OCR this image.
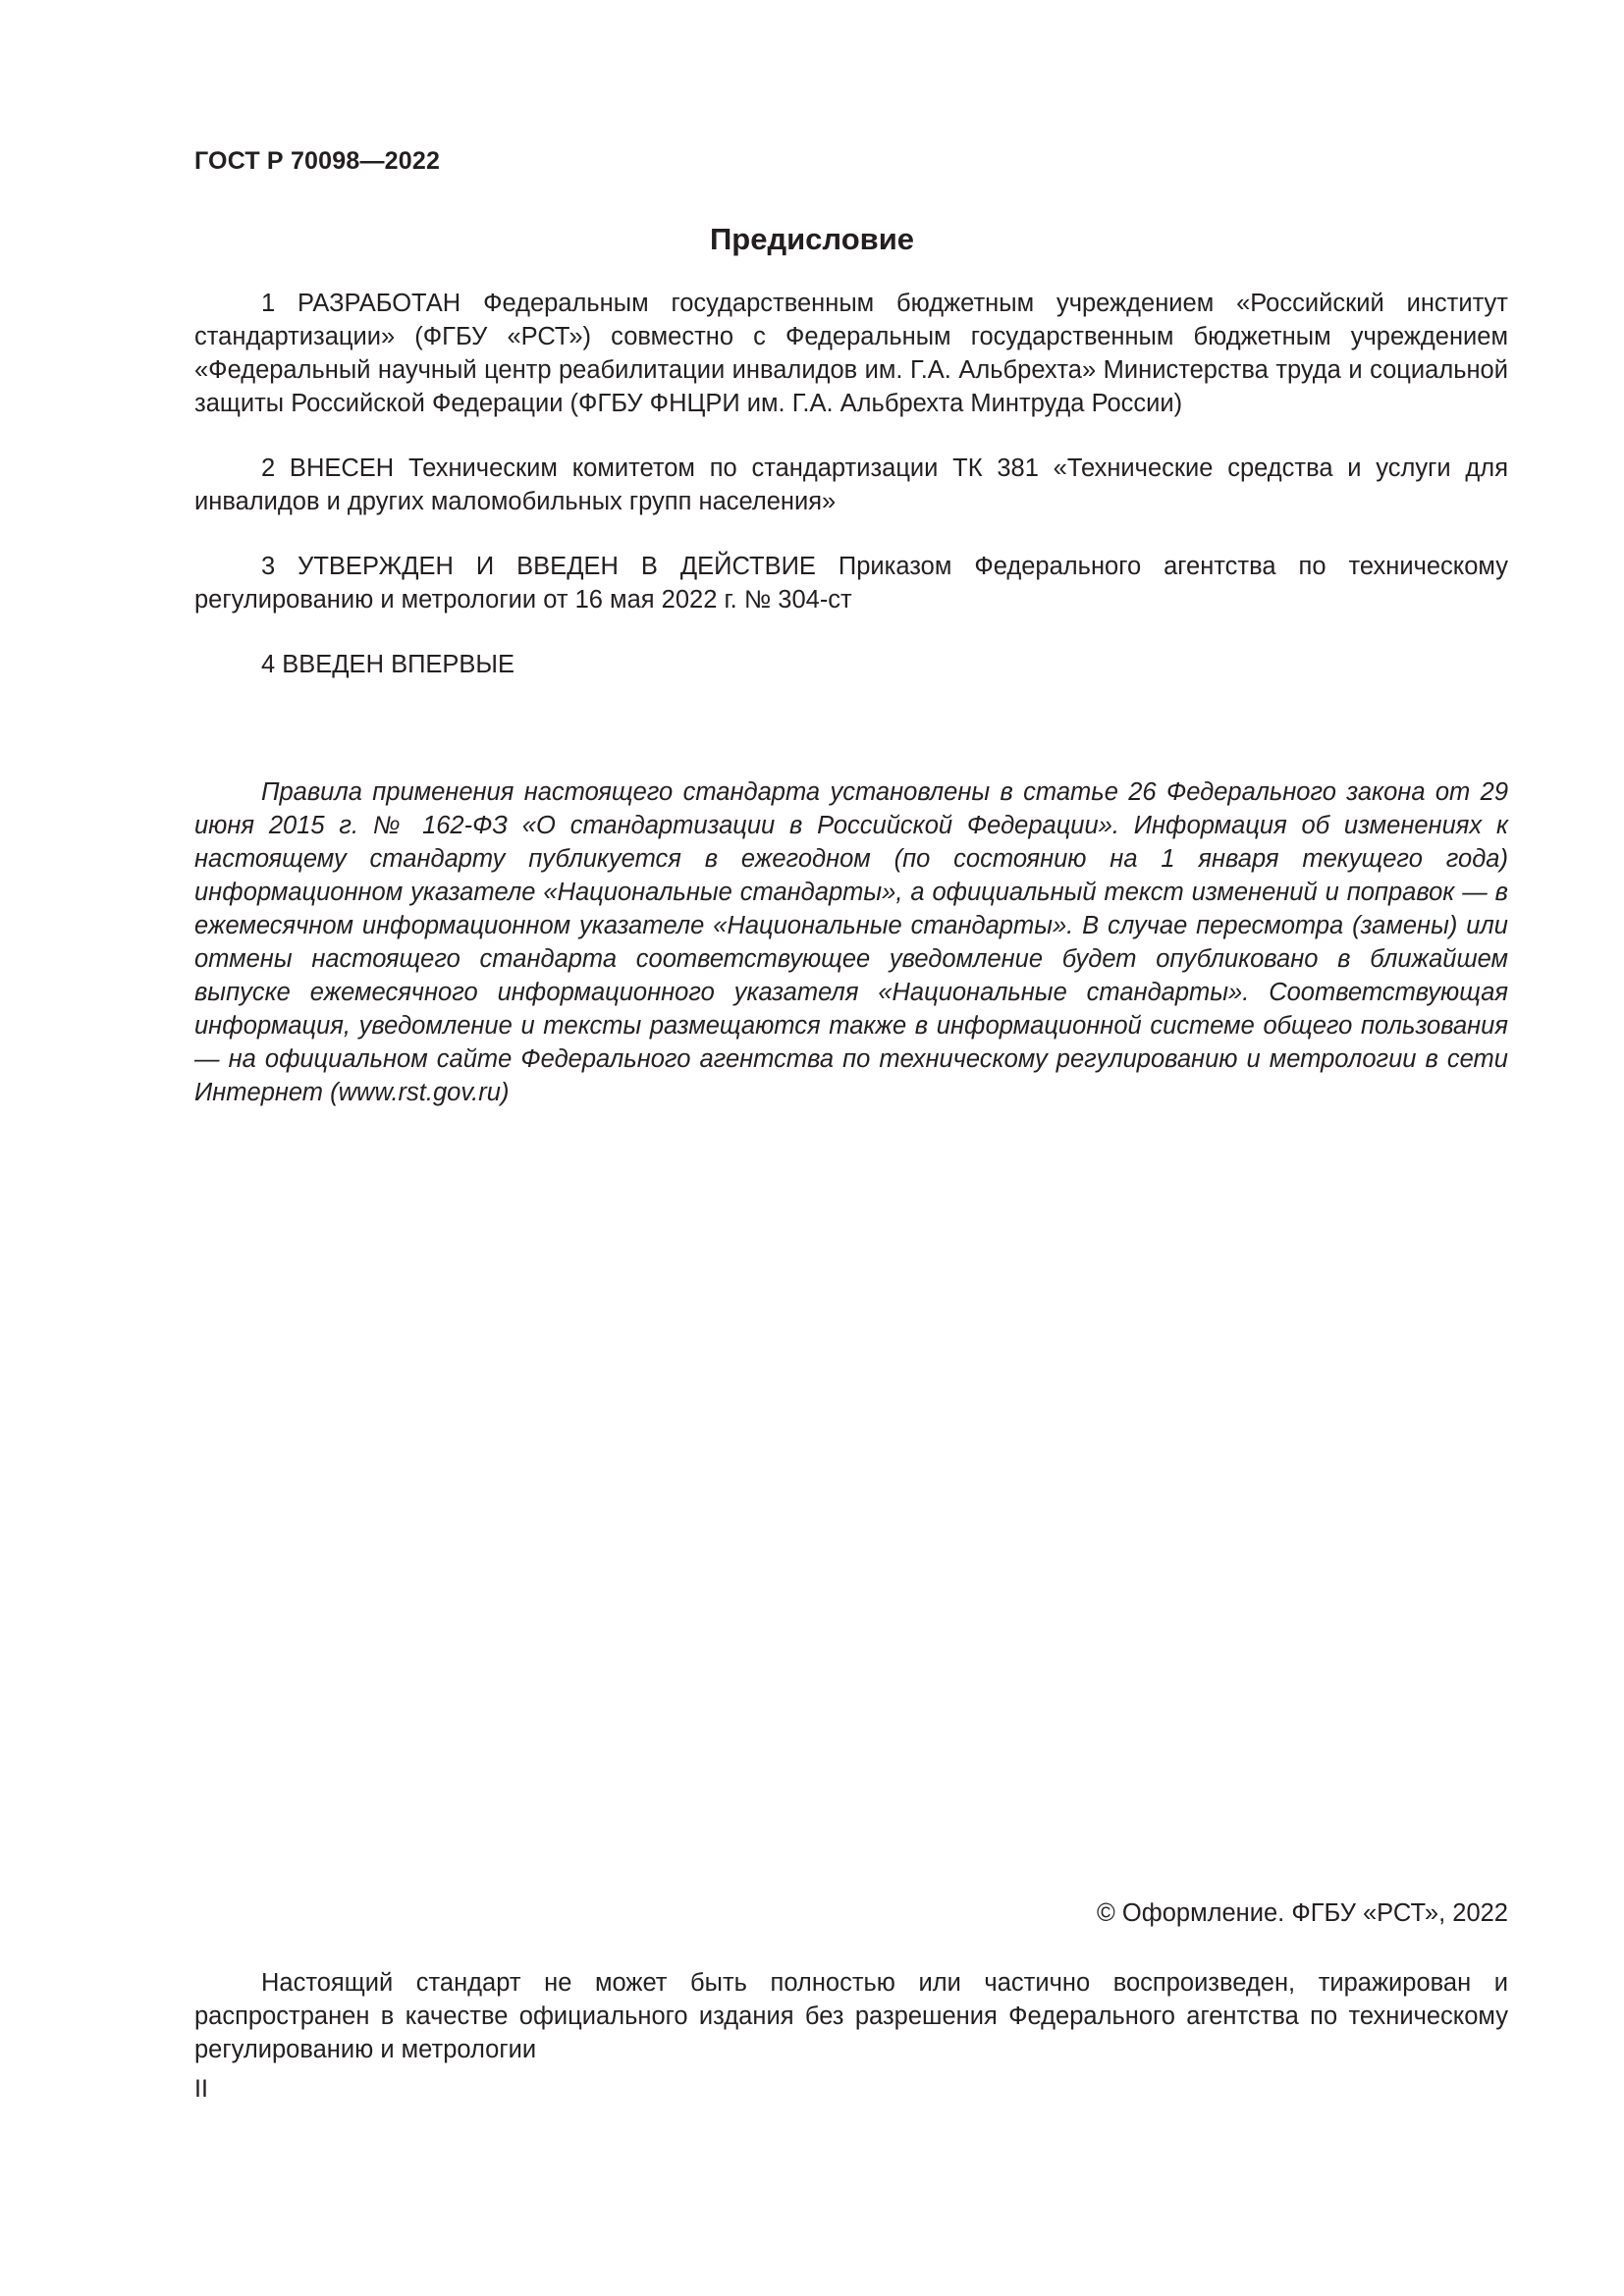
ГОСТ Р 70098—2022

Предисловие

1 РАЗРАБОТАН Федеральным государственным бюджетным учреждением «Российский институт стандартизации» (ФГБУ «РСТ») совместно с Федеральным государственным бюджетным учреждением «Федеральный научный центр реабилитации инвалидов им. Г.А. Альбрехта» Министерства труда и социальной защиты Российской Федерации (ФГБУ ФНЦРИ им. Г.А. Альбрехта Минтруда России)

2 ВНЕСЕН Техническим комитетом по стандартизации ТК 381 «Технические средства и услуги для инвалидов и других маломобильных групп населения»

3 УТВЕРЖДЕН И ВВЕДЕН В ДЕЙСТВИЕ Приказом Федерального агентства по техническому регулированию и метрологии от 16 мая 2022 г. № 304-ст

4 ВВЕДЕН ВПЕРВЫЕ

Правила применения настоящего стандарта установлены в статье 26 Федерального закона от 29 июня 2015 г. № 162-ФЗ «О стандартизации в Российской Федерации». Информация об изменениях к настоящему стандарту публикуется в ежегодном (по состоянию на 1 января текущего года) информационном указателе «Национальные стандарты», а официальный текст изменений и поправок — в ежемесячном информационном указателе «Национальные стандарты». В случае пересмотра (замены) или отмены настоящего стандарта соответствующее уведомление будет опубликовано в ближайшем выпуске ежемесячного информационного указателя «Национальные стандарты». Соответствующая информация, уведомление и тексты размещаются также в информационной системе общего пользования — на официальном сайте Федерального агентства по техническому регулированию и метрологии в сети Интернет (www.rst.gov.ru)

© Оформление. ФГБУ «РСТ», 2022

Настоящий стандарт не может быть полностью или частично воспроизведен, тиражирован и распространен в качестве официального издания без разрешения Федерального агентства по техническому регулированию и метрологии

II
